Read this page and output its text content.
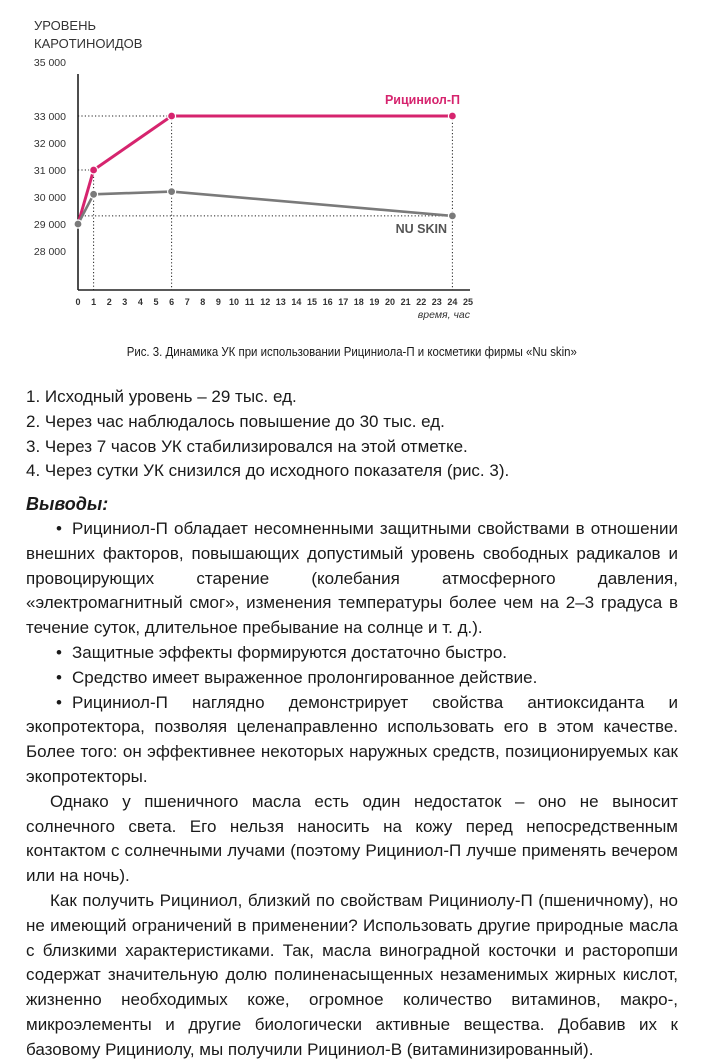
УРОВЕНЬ
КАРОТИНОИДОВ
28 000
29 000
30 000
31 000
32 000
33 000
35 000
0 1 2 3 4 5 6 7 8 9 10 11 12 13 14 15 16 17 18 19 20 21 22 23 24 25
время, час
Рициниол-П
NU SKIN
Рис. 3. Динамика УК при использовании Рициниола-П и косметики фирмы «Nu skin»
1. Исходный уровень – 29 тыс. ед.
2. Через час наблюдалось повышение до 30 тыс. ед.
3. Через 7 часов УК стабилизировался на этой отметке.
4. Через сутки УК снизился до исходного показателя (рис. 3).
Выводы:

• Рициниол-П обладает несомненными защитными свойствами в отношении внешних факторов, повышающих допустимый уровень свободных радикалов и провоцирующих старение (колебания атмосферного давления, «электромагнитный смог», изменения температуры более чем на 2–3 градуса в течение суток, длительное пребывание на солнце и т. д.).

• Защитные эффекты формируются достаточно быстро.

• Средство имеет выраженное пролонгированное действие.

• Рициниол-П наглядно демонстрирует свойства антиоксиданта и экопротектора, позволяя целенаправленно использовать его в этом качестве. Более того: он эффективнее некоторых наружных средств, позиционируемых как экопротекторы.

Однако у пшеничного масла есть один недостаток – оно не выносит солнечного света. Его нельзя наносить на кожу перед непосредственным контактом с солнечными лучами (поэтому Рициниол-П лучше применять вечером или на ночь).

Как получить Рициниол, близкий по свойствам Рициниолу-П (пшеничному), но не имеющий ограничений в применении? Использовать другие природные масла с близкими характеристиками. Так, масла виноградной косточки и расторопши содержат значительную долю полиненасыщенных незаменимых жирных кислот, жизненно необходимых коже, огромное количество витаминов, макро-, микроэлементы и другие биологически активные вещества. Добавив их к базовому Рициниолу, мы получили Рициниол-В (витаминизированный).
